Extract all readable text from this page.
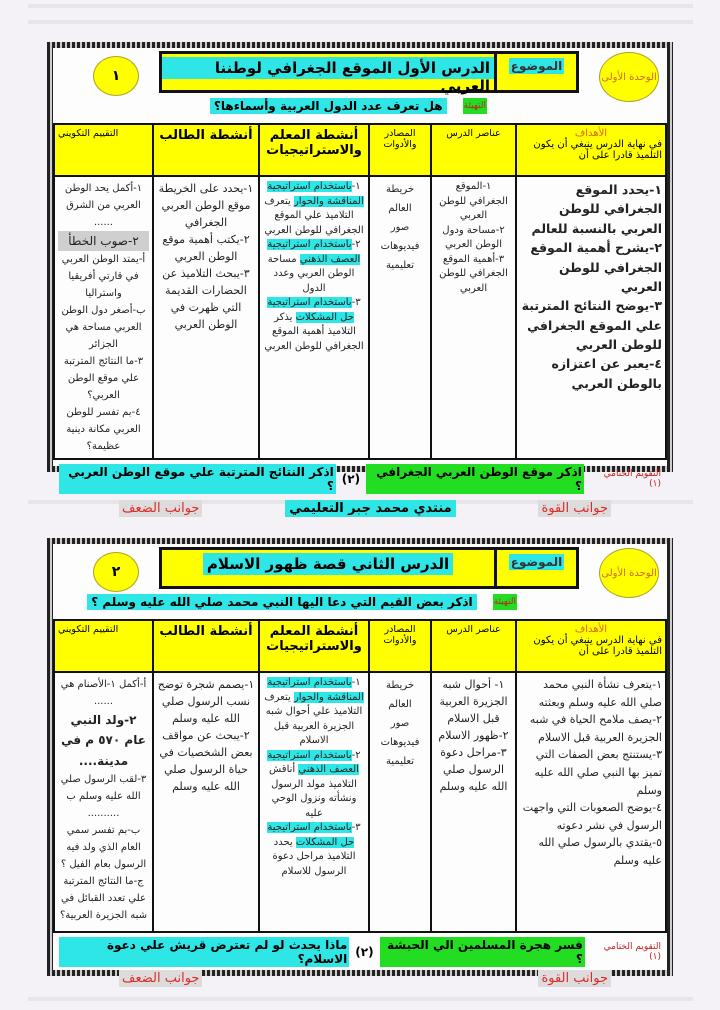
الوحدة الأولى
الموضوع
الدرس الأول الموقع الجغرافي لوطننا العربي
١
التهيئة
هل تعرف عدد الدول العربية وأسماءها؟
الأهداف
في نهاية الدرس ينبغي أن يكون التلميذ قادرا على أن	عناصر الدرس	المصادر والأدوات	أنشطة المعلم والاستراتيجيات	أنشطة الطالب	التقييم التكويني

١-يحدد الموقع الجغرافي للوطن العربي بالنسبة للعالم
٢-يشرح أهمية الموقع الجغرافي للوطن العربي
٣-يوضح النتائج المترتبة علي الموقع الجغرافي للوطن العربي
٤-يعبر عن اعتزازه بالوطن العربي

١-الموقع الجغرافي للوطن العربي
٢-مساحة ودول الوطن العربي
٣-أهمية الموقع الجغرافي للوطن العربي

خريطة العالم
صور
فيديوهات تعليمية

١-باستخدام استراتيجية المناقشة والحوار يتعرف التلاميذ علي الموقع الجغرافي للوطن العربي
٢-باستخدام استراتيجية العصف الذهني مساحة الوطن العربي وعدد الدول
٣-باستخدام استراتيجية حل المشكلات يذكر التلاميذ أهمية الموقع الجغرافي للوطن العربي

١-يحدد على الخريطة موقع الوطن العربي الجغرافي
٢-يكتب أهمية موقع الوطن العربي
٣-يبحث التلاميذ عن الحضارات القديمة التي ظهرت في الوطن العربي

١-أكمل يحد الوطن العربي من الشرق ......
٢-صوب الخطأ
أ-يمتد الوطن العربي في قارتي أفريقيا واستراليا
ب-أصغر دول الوطن العربي مساحة هي الجزائر
٣-ما النتائج المترتبة علي موقع الوطن العربي؟
٤-بم تفسر للوطن العربي مكانة دينية عظيمة؟
التقويم الختامي (١)
اذكر موقع الوطن العربي الجغرافي ؟
(٢)
اذكر النتائج المترتبة علي موقع الوطن العربي ؟
جوانب القوة
منتدي محمد جبر التعليمي
جوانب الضعف
الوحدة الأولى
الموضوع
الدرس الثاني قصة ظهور الاسلام
٢
التهيئة
اذكر بعض القيم التي دعا اليها النبي محمد صلي الله عليه وسلم ؟
الأهداف
في نهاية الدرس ينبغي أن يكون التلميذ قادرا على أن	عناصر الدرس	المصادر والأدوات	أنشطة المعلم والاستراتيجيات	أنشطة الطالب	التقييم التكويني

١-يتعرف نشأة النبي محمد صلي الله عليه وسلم وبعثته
٢-يصف ملامح الحياة في شبه الجزيرة العربية قبل الاسلام
٣-يستنتج بعض الصفات التي تميز بها النبي صلي الله عليه وسلم
٤-يوضح الصعوبات التي واجهت الرسول في نشر دعوته
٥-يقتدي بالرسول صلي الله عليه وسلم

١- أحوال شبه الجزيرة العربية قبل الاسلام
٢-ظهور الاسلام
٣-مراحل دعوة الرسول صلي الله عليه وسلم

خريطة العالم
صور
فيديوهات تعليمية

١-باستخدام استراتيجية المناقشة والحوار يتعرف التلاميذ علي أحوال شبه الجزيرة العربية قبل الاسلام
٢-باستخدام استراتيجية العصف الذهني أناقش التلاميذ مولد الرسول ونشأته ونزول الوحي عليه
٣-باستخدام استراتيجية حل المشكلات يحدد التلاميذ مراحل دعوة الرسول للاسلام

١-يصمم شجرة توضح نسب الرسول صلي الله عليه وسلم
٢-يبحث عن مواقف بعض الشخصيات في حياة الرسول صلي الله عليه وسلم

أ-أكمل ١-الأصنام هي ......
٢-ولد النبي عام ٥٧٠ م في مدينة....
٣-لقب الرسول صلي الله عليه وسلم ب ..........
ب-بم تفسر سمي العام الذي ولد فيه الرسول بعام الفيل ؟
ج-ما النتائج المترتبة علي تعدد القبائل في شبه الجزيرة العربية؟
التقويم الختامي (١)
فسر هجرة المسلمين الي الحبشة ؟
(٢)
ماذا يحدث لو لم تعترض قريش علي دعوة الاسلام؟
جوانب القوة
جوانب الضعف
